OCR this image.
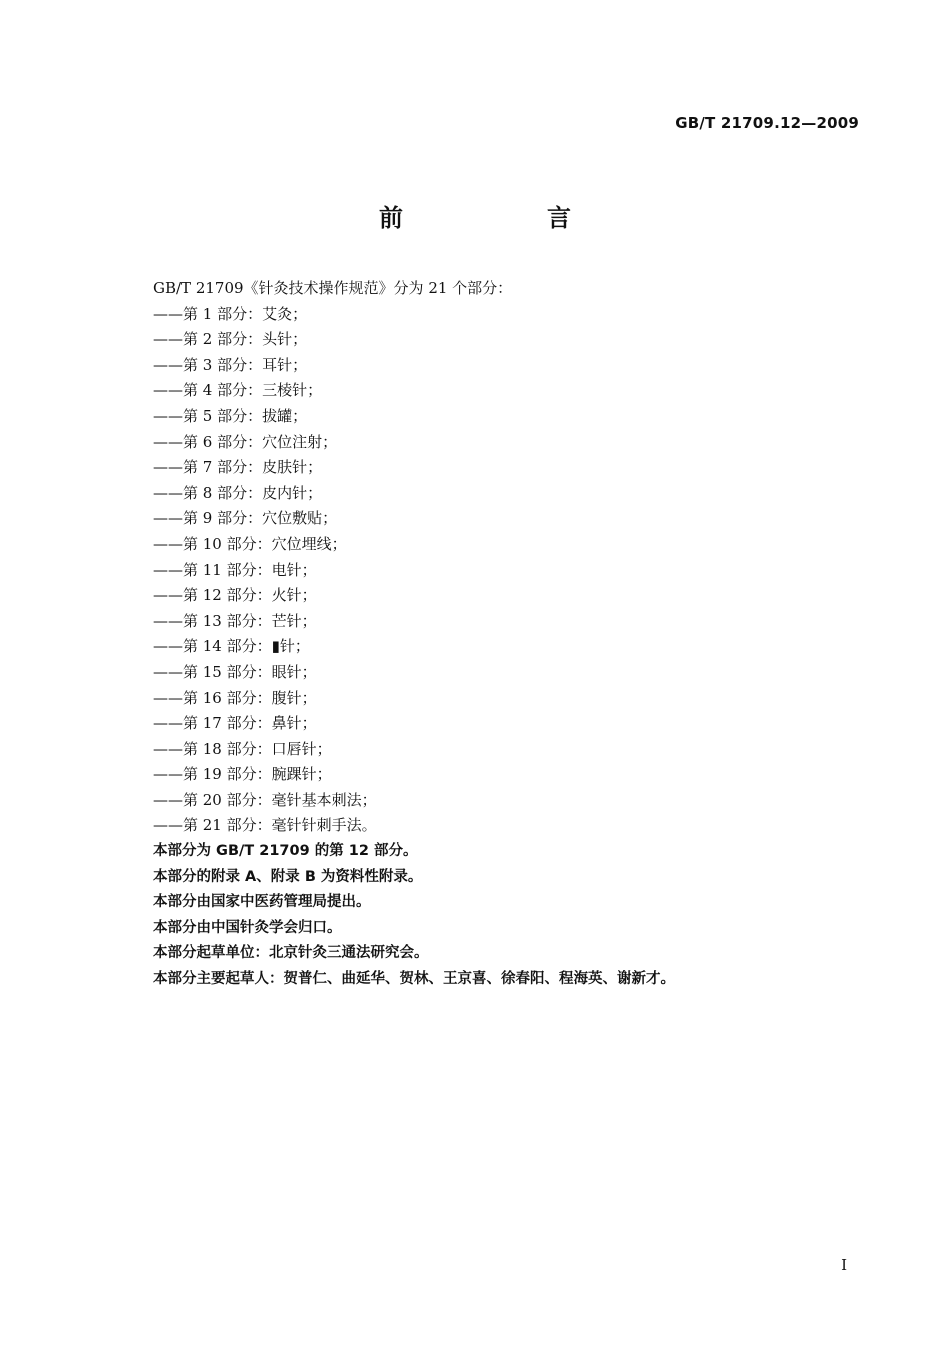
GB/T 21709.12—2009
前　言
GB/T 21709《针灸技术操作规范》分为 21 个部分：
——第 1 部分：艾灸；
——第 2 部分：头针；
——第 3 部分：耳针；
——第 4 部分：三棱针；
——第 5 部分：拔罐；
——第 6 部分：穴位注射；
——第 7 部分：皮肤针；
——第 8 部分：皮内针；
——第 9 部分：穴位敷贴；
——第 10 部分：穴位埋线；
——第 11 部分：电针；
——第 12 部分：火针；
——第 13 部分：芒针；
——第 14 部分：▮针；
——第 15 部分：眼针；
——第 16 部分：腹针；
——第 17 部分：鼻针；
——第 18 部分：口唇针；
——第 19 部分：腕踝针；
——第 20 部分：毫针基本刺法；
——第 21 部分：毫针针刺手法。
本部分为 GB/T 21709 的第 12 部分。
本部分的附录 A、附录 B 为资料性附录。
本部分由国家中医药管理局提出。
本部分由中国针灸学会归口。
本部分起草单位：北京针灸三通法研究会。
本部分主要起草人：贺普仁、曲延华、贺林、王京喜、徐春阳、程海英、谢新才。
I
